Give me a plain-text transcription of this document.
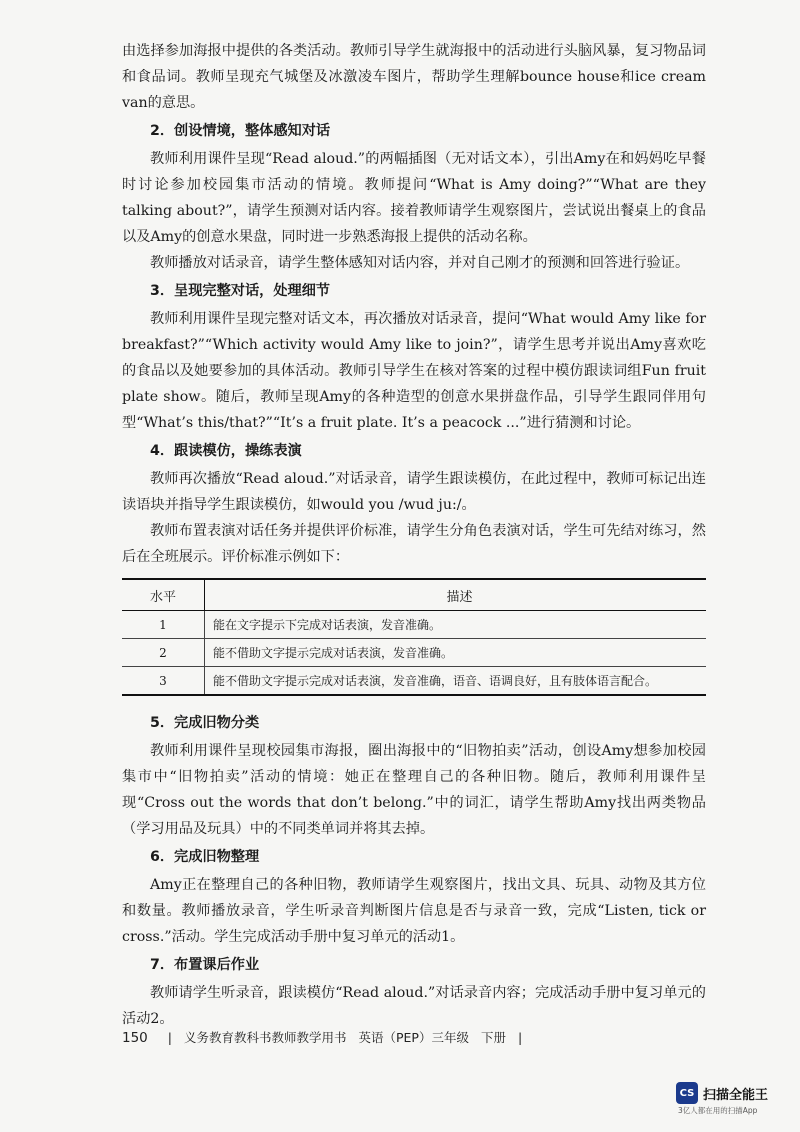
由选择参加海报中提供的各类活动。教师引导学生就海报中的活动进行头脑风暴，复习物品词和食品词。教师呈现充气城堡及冰激凌车图片，帮助学生理解bounce house和ice cream van的意思。

2．创设情境，整体感知对话

教师利用课件呈现“Read aloud.”的两幅插图（无对话文本），引出Amy在和妈妈吃早餐时讨论参加校园集市活动的情境。教师提问“What is Amy doing?”“What are they talking about?”，请学生预测对话内容。接着教师请学生观察图片，尝试说出餐桌上的食品以及Amy的创意水果盘，同时进一步熟悉海报上提供的活动名称。

教师播放对话录音，请学生整体感知对话内容，并对自己刚才的预测和回答进行验证。

3．呈现完整对话，处理细节

教师利用课件呈现完整对话文本，再次播放对话录音，提问“What would Amy like for breakfast?”“Which activity would Amy like to join?”，请学生思考并说出Amy喜欢吃的食品以及她要参加的具体活动。教师引导学生在核对答案的过程中模仿跟读词组Fun fruit plate show。随后，教师呈现Amy的各种造型的创意水果拼盘作品，引导学生跟同伴用句型“What’s this/that?”“It’s a fruit plate. It’s a peacock ...”进行猜测和讨论。

4．跟读模仿，操练表演

教师再次播放“Read aloud.”对话录音，请学生跟读模仿，在此过程中，教师可标记出连读语块并指导学生跟读模仿，如would you /wud ju:/。

教师布置表演对话任务并提供评价标准，请学生分角色表演对话，学生可先结对练习，然后在全班展示。评价标准示例如下：

水平	描述
1	能在文字提示下完成对话表演，发音准确。
2	能不借助文字提示完成对话表演，发音准确。
3	能不借助文字提示完成对话表演，发音准确，语音、语调良好，且有肢体语言配合。
5．完成旧物分类

教师利用课件呈现校园集市海报，圈出海报中的“旧物拍卖”活动，创设Amy想参加校园集市中“旧物拍卖”活动的情境：她正在整理自己的各种旧物。随后，教师利用课件呈现“Cross out the words that don’t belong.”中的词汇，请学生帮助Amy找出两类物品（学习用品及玩具）中的不同类单词并将其去掉。

6．完成旧物整理

Amy正在整理自己的各种旧物，教师请学生观察图片，找出文具、玩具、动物及其方位和数量。教师播放录音，学生听录音判断图片信息是否与录音一致，完成“Listen, tick or cross.”活动。学生完成活动手册中复习单元的活动1。

7．布置课后作业

教师请学生听录音，跟读模仿“Read aloud.”对话录音内容；完成活动手册中复习单元的活动2。

150 | 义务教育教科书教师教学用书 英语（PEP）三年级 下册 |
CS 扫描全能王
3亿人都在用的扫描App
